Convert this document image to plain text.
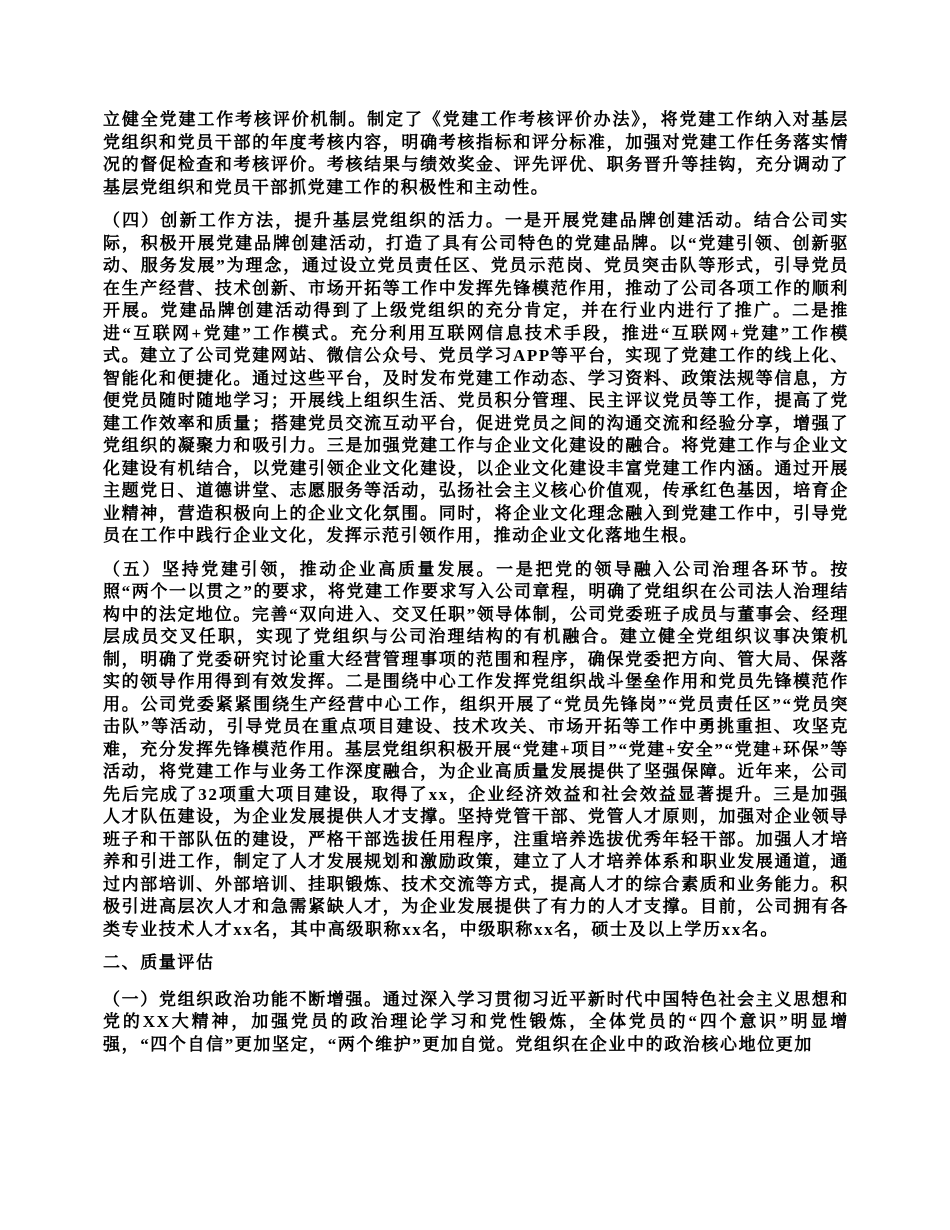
立健全党建工作考核评价机制。制定了《党建工作考核评价办法》，将党建工作纳入对基层党组织和党员干部的年度考核内容，明确考核指标和评分标准，加强对党建工作任务落实情况的督促检查和考核评价。考核结果与绩效奖金、评先评优、职务晋升等挂钩，充分调动了基层党组织和党员干部抓党建工作的积极性和主动性。

（四）创新工作方法，提升基层党组织的活力。一是开展党建品牌创建活动。结合公司实际，积极开展党建品牌创建活动，打造了具有公司特色的党建品牌。以“党建引领、创新驱动、服务发展”为理念，通过设立党员责任区、党员示范岗、党员突击队等形式，引导党员在生产经营、技术创新、市场开拓等工作中发挥先锋模范作用，推动了公司各项工作的顺利开展。党建品牌创建活动得到了上级党组织的充分肯定，并在行业内进行了推广。二是推进“互联网+党建”工作模式。充分利用互联网信息技术手段，推进“互联网+党建”工作模式。建立了公司党建网站、微信公众号、党员学习APP等平台，实现了党建工作的线上化、智能化和便捷化。通过这些平台，及时发布党建工作动态、学习资料、政策法规等信息，方便党员随时随地学习；开展线上组织生活、党员积分管理、民主评议党员等工作，提高了党建工作效率和质量；搭建党员交流互动平台，促进党员之间的沟通交流和经验分享，增强了党组织的凝聚力和吸引力。三是加强党建工作与企业文化建设的融合。将党建工作与企业文化建设有机结合，以党建引领企业文化建设，以企业文化建设丰富党建工作内涵。通过开展主题党日、道德讲堂、志愿服务等活动，弘扬社会主义核心价值观，传承红色基因，培育企业精神，营造积极向上的企业文化氛围。同时，将企业文化理念融入到党建工作中，引导党员在工作中践行企业文化，发挥示范引领作用，推动企业文化落地生根。

（五）坚持党建引领，推动企业高质量发展。一是把党的领导融入公司治理各环节。按照“两个一以贯之”的要求，将党建工作要求写入公司章程，明确了党组织在公司法人治理结构中的法定地位。完善“双向进入、交叉任职”领导体制，公司党委班子成员与董事会、经理层成员交叉任职，实现了党组织与公司治理结构的有机融合。建立健全党组织议事决策机制，明确了党委研究讨论重大经营管理事项的范围和程序，确保党委把方向、管大局、保落实的领导作用得到有效发挥。二是围绕中心工作发挥党组织战斗堡垒作用和党员先锋模范作用。公司党委紧紧围绕生产经营中心工作，组织开展了“党员先锋岗”“党员责任区”“党员突击队”等活动，引导党员在重点项目建设、技术攻关、市场开拓等工作中勇挑重担、攻坚克难，充分发挥先锋模范作用。基层党组织积极开展“党建+项目”“党建+安全”“党建+环保”等活动，将党建工作与业务工作深度融合，为企业高质量发展提供了坚强保障。近年来，公司先后完成了32项重大项目建设，取得了xx，企业经济效益和社会效益显著提升。三是加强人才队伍建设，为企业发展提供人才支撑。坚持党管干部、党管人才原则，加强对企业领导班子和干部队伍的建设，严格干部选拔任用程序，注重培养选拔优秀年轻干部。加强人才培养和引进工作，制定了人才发展规划和激励政策，建立了人才培养体系和职业发展通道，通过内部培训、外部培训、挂职锻炼、技术交流等方式，提高人才的综合素质和业务能力。积极引进高层次人才和急需紧缺人才，为企业发展提供了有力的人才支撑。目前，公司拥有各类专业技术人才xx名，其中高级职称xx名，中级职称xx名，硕士及以上学历xx名。

二、质量评估

（一）党组织政治功能不断增强。通过深入学习贯彻习近平新时代中国特色社会主义思想和党的XX大精神，加强党员的政治理论学习和党性锻炼，全体党员的“四个意识”明显增强，“四个自信”更加坚定，“两个维护”更加自觉。党组织在企业中的政治核心地位更加
